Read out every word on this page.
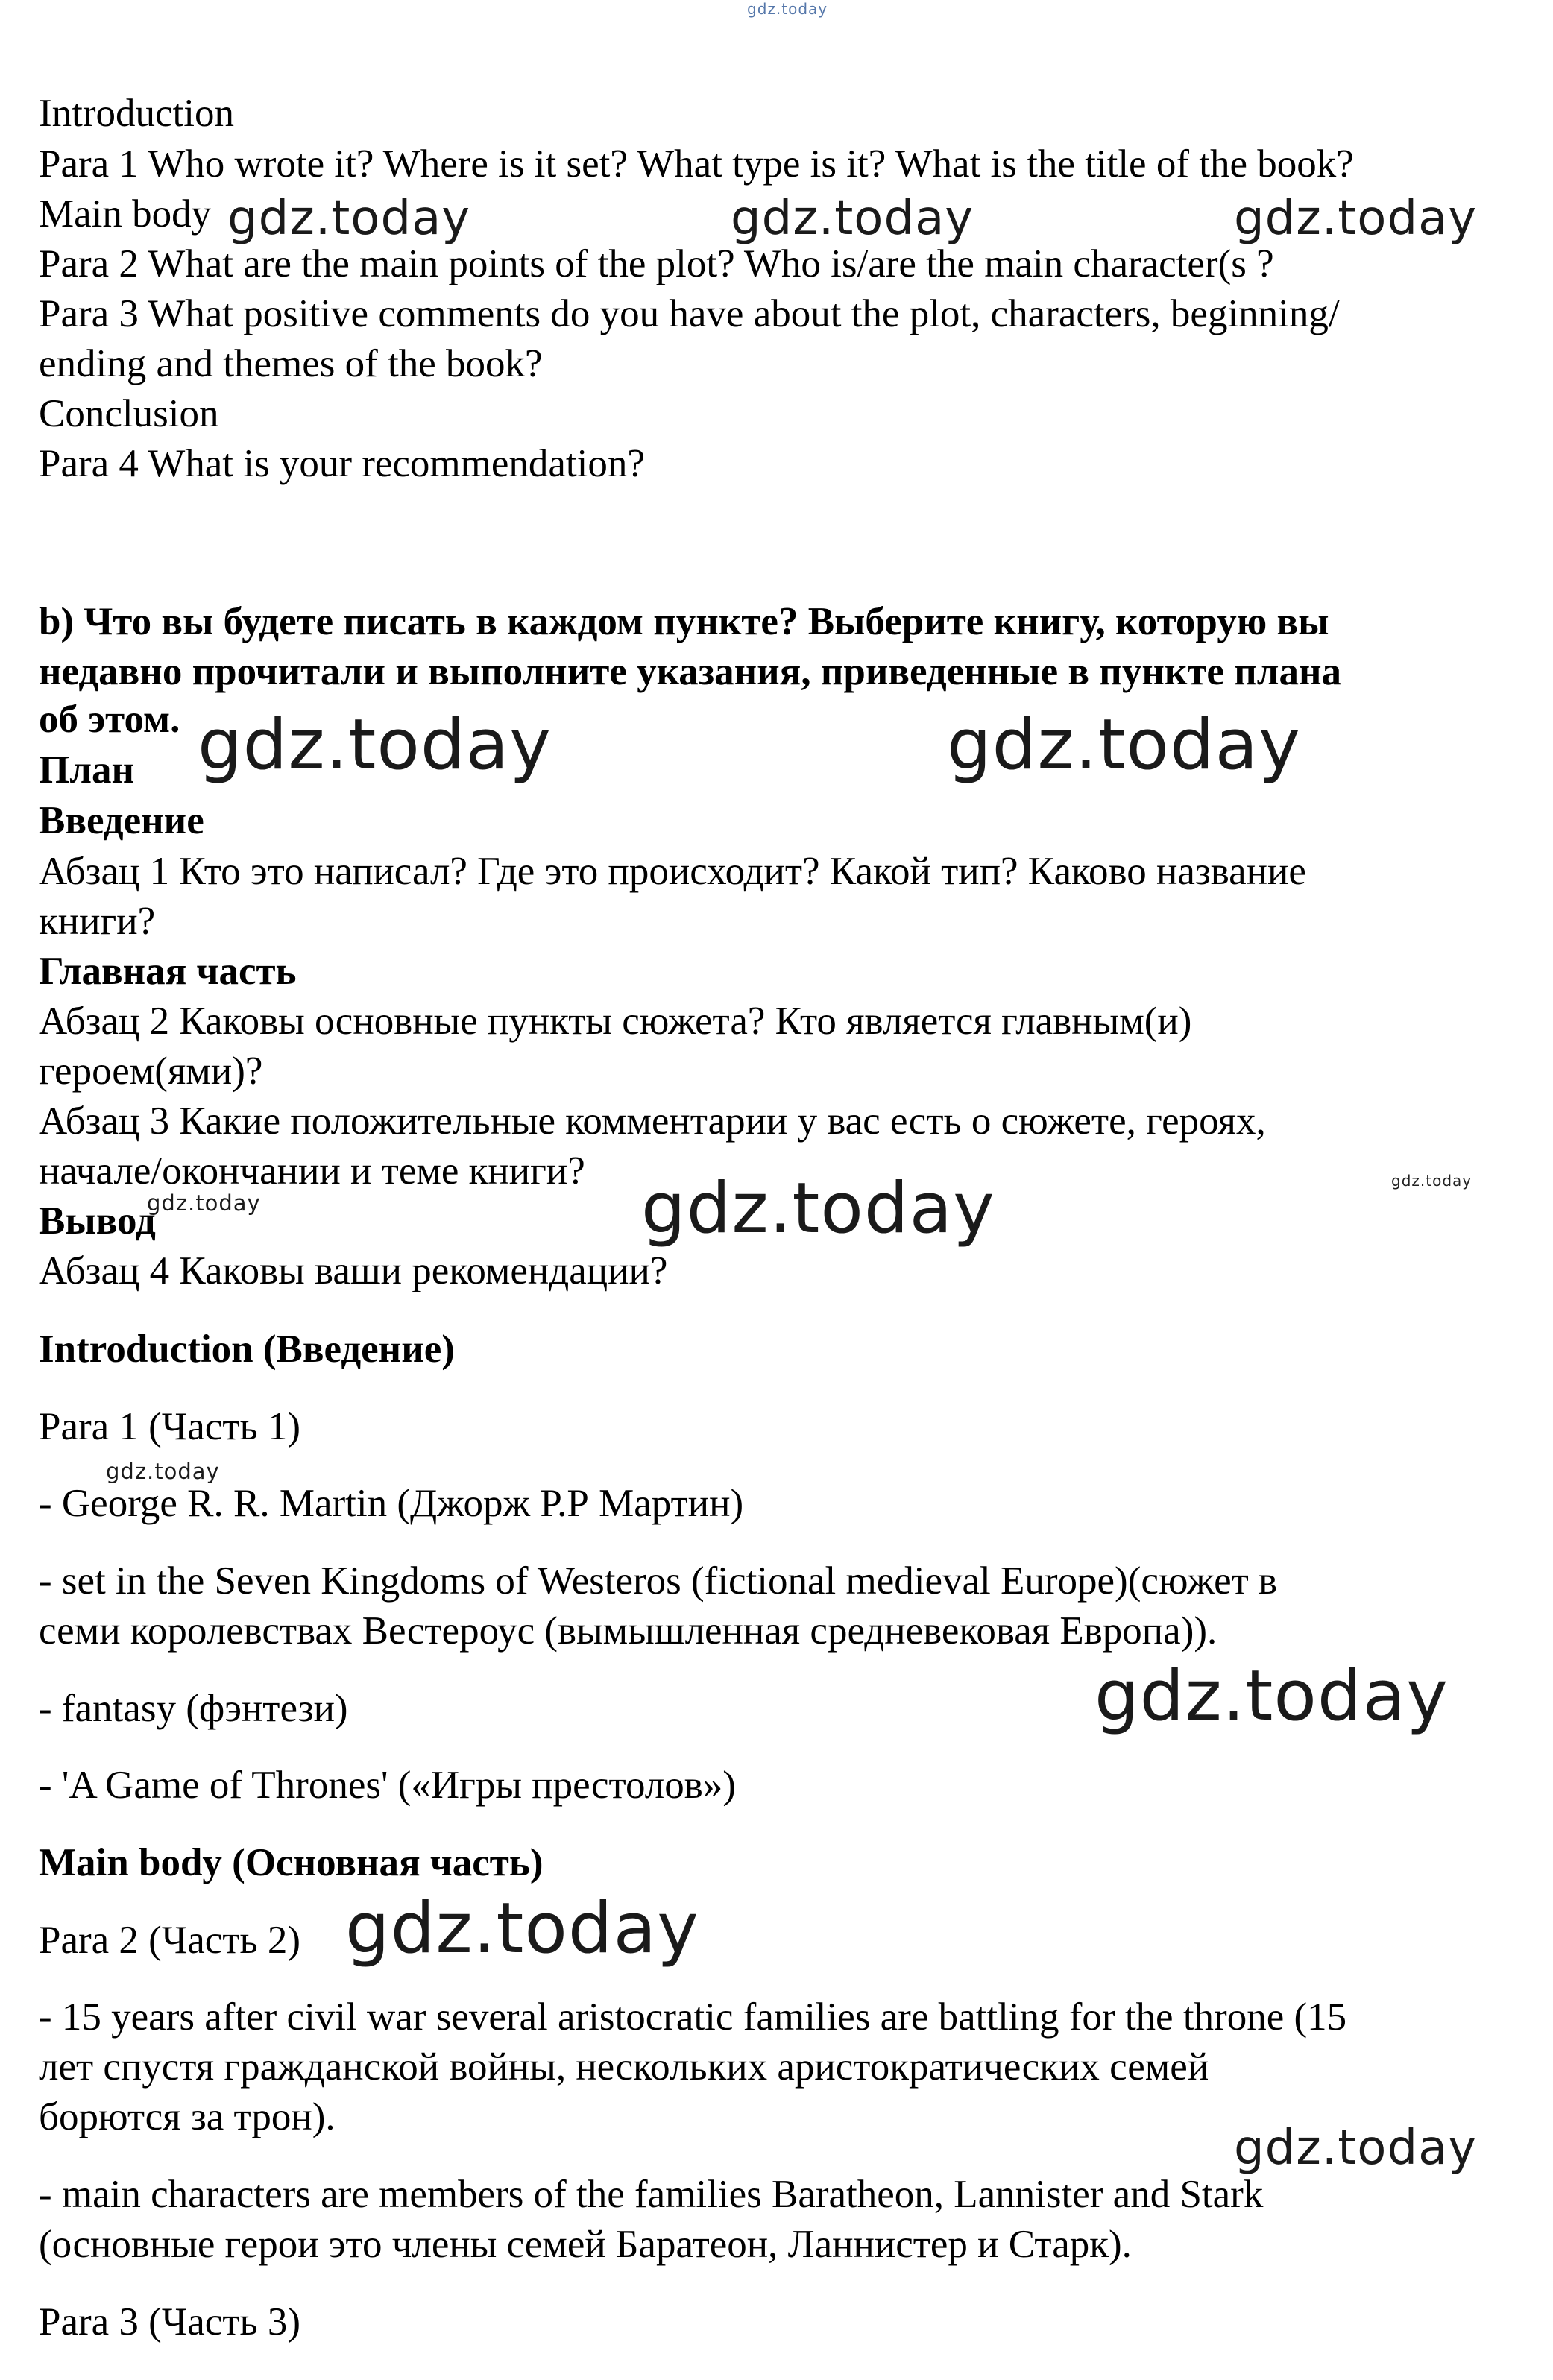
gdz.today

Introduction

Para 1 Who wrote it? Where is it set? What type is it? What is the title of the book?

Main body

Para 2 What are the main points of the plot? Who is/are the main character(s ?

Para 3 What positive comments do you have about the plot, characters, beginning/

ending and themes of the book?

Conclusion

Para 4 What is your recommendation?

b) Что вы будете писать в каждом пункте? Выберите книгу, которую вы

недавно прочитали и выполните указания, приведенные в пункте плана

об этом.

План

Введение

Абзац 1 Кто это написал? Где это происходит? Какой тип? Каково название

книги?

Главная часть

Абзац 2 Каковы основные пункты сюжета? Кто является главным(и)

героем(ями)?

Абзац 3 Какие положительные комментарии у вас есть о сюжете, героях,

начале/окончании и теме книги?

Вывод

Абзац 4 Каковы ваши рекомендации?

Introduction (Введение)

Para 1 (Часть 1)

- George R. R. Martin (Джорж Р.Р Мартин)

- set in the Seven Kingdoms of Westeros (fictional medieval Europe)(сюжет в

семи королевствах Вестероус (вымышленная средневековая Европа)).

- fantasy (фэнтези)

- 'A Game of Thrones' («Игры престолов»)

Main body (Основная часть)

Para 2 (Часть 2)

- 15 years after civil war several aristocratic families are battling for the throne (15

лет спустя гражданской войны, нескольких аристократических семей

борются за трон).

- main characters are members of the families Baratheon, Lannister and Stark

(основные герои это члены семей Баратеон, Ланнистер и Старк).

Para 3 (Часть 3)

gdz.today	gdz.today	gdz.today

gdz.today	gdz.today

gdz.today

gdz.today

gdz.today

gdz.today

gdz.today

gdz.today

gdz.today
